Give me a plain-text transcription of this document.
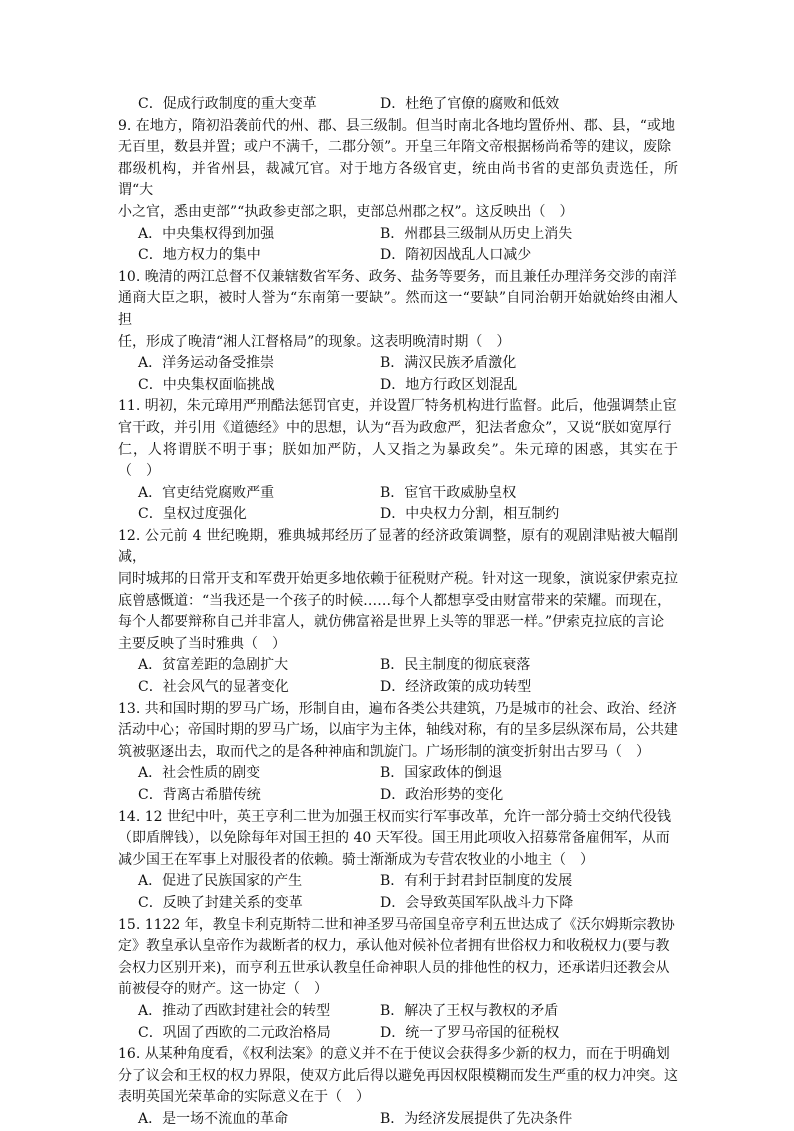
C．促成行政制度的重大变革	D．杜绝了官僚的腐败和低效
9. 在地方，隋初沿袭前代的州、郡、县三级制。但当时南北各地均置侨州、郡、县，“或地
无百里，数县并置；或户不满千，二郡分领”。开皇三年隋文帝根据杨尚希等的建议，废除
郡级机构，并省州县，裁减冗官。对于地方各级官吏，统由尚书省的吏部负责选任，所谓“大
小之官，悉由吏部”“执政参吏部之职，吏部总州郡之权”。这反映出（　）
A．中央集权得到加强	B．州郡县三级制从历史上消失
C．地方权力的集中	D．隋初因战乱人口减少
10. 晚清的两江总督不仅兼辖数省军务、政务、盐务等要务，而且兼任办理洋务交涉的南洋
通商大臣之职，被时人誉为“东南第一要缺”。然而这一“要缺”自同治朝开始就始终由湘人担
任，形成了晚清“湘人江督格局”的现象。这表明晚清时期（　）
A．洋务运动备受推崇	B．满汉民族矛盾激化
C．中央集权面临挑战	D．地方行政区划混乱
11. 明初，朱元璋用严刑酷法惩罚官吏，并设置厂特务机构进行监督。此后，他强调禁止宦
官干政，并引用《道德经》中的思想，认为“吾为政愈严，犯法者愈众”，又说“朕如宽厚行
仁，人将谓朕不明于事；朕如加严防，人又指之为暴政矣”。朱元璋的困惑，其实在于（　）
A．官吏结党腐败严重	B．宦官干政威胁皇权
C．皇权过度强化	D．中央权力分割，相互制约
12. 公元前 4 世纪晚期，雅典城邦经历了显著的经济政策调整，原有的观剧津贴被大幅削减，
同时城邦的日常开支和军费开始更多地依赖于征税财产税。针对这一现象，演说家伊索克拉
底曾感慨道：“当我还是一个孩子的时候……每个人都想享受由财富带来的荣耀。而现在，
每个人都要辩称自己并非富人，就仿佛富裕是世界上头等的罪恶一样。”伊索克拉底的言论
主要反映了当时雅典（　）
A．贫富差距的急剧扩大	B．民主制度的彻底衰落
C．社会风气的显著变化	D．经济政策的成功转型
13. 共和国时期的罗马广场，形制自由，遍布各类公共建筑，乃是城市的社会、政治、经济
活动中心；帝国时期的罗马广场，以庙宇为主体，轴线对称，有的呈多层纵深布局，公共建
筑被驱逐出去，取而代之的是各种神庙和凯旋门。广场形制的演变折射出古罗马（　）
A．社会性质的剧变	B．国家政体的倒退
C．背离古希腊传统	D．政治形势的变化
14. 12 世纪中叶，英王亨利二世为加强王权而实行军事改革，允许一部分骑士交纳代役钱
（即盾牌钱），以免除每年对国王担的 40 天军役。国王用此项收入招募常备雇佣军，从而
减少国王在军事上对服役者的依赖。骑士渐渐成为专营农牧业的小地主（　）
A．促进了民族国家的产生	B．有利于封君封臣制度的发展
C．反映了封建关系的变革	D．会导致英国军队战斗力下降
15. 1122 年，教皇卡利克斯特二世和神圣罗马帝国皇帝亨利五世达成了《沃尔姆斯宗教协
定》教皇承认皇帝作为裁断者的权力，承认他对候补位者拥有世俗权力和收税权力(要与教
会权力区别开来)，而亨利五世承认教皇任命神职人员的排他性的权力，还承诺归还教会从
前被侵夺的财产。这一协定（　）
A．推动了西欧封建社会的转型	B．解决了王权与教权的矛盾
C．巩固了西欧的二元政治格局	D．统一了罗马帝国的征税权
16. 从某种角度看，《权利法案》的意义并不在于使议会获得多少新的权力，而在于明确划
分了议会和王权的权力界限，使双方此后得以避免再因权限模糊而发生严重的权力冲突。这
表明英国光荣革命的实际意义在于（　）
A．是一场不流血的革命	B．为经济发展提供了先决条件
